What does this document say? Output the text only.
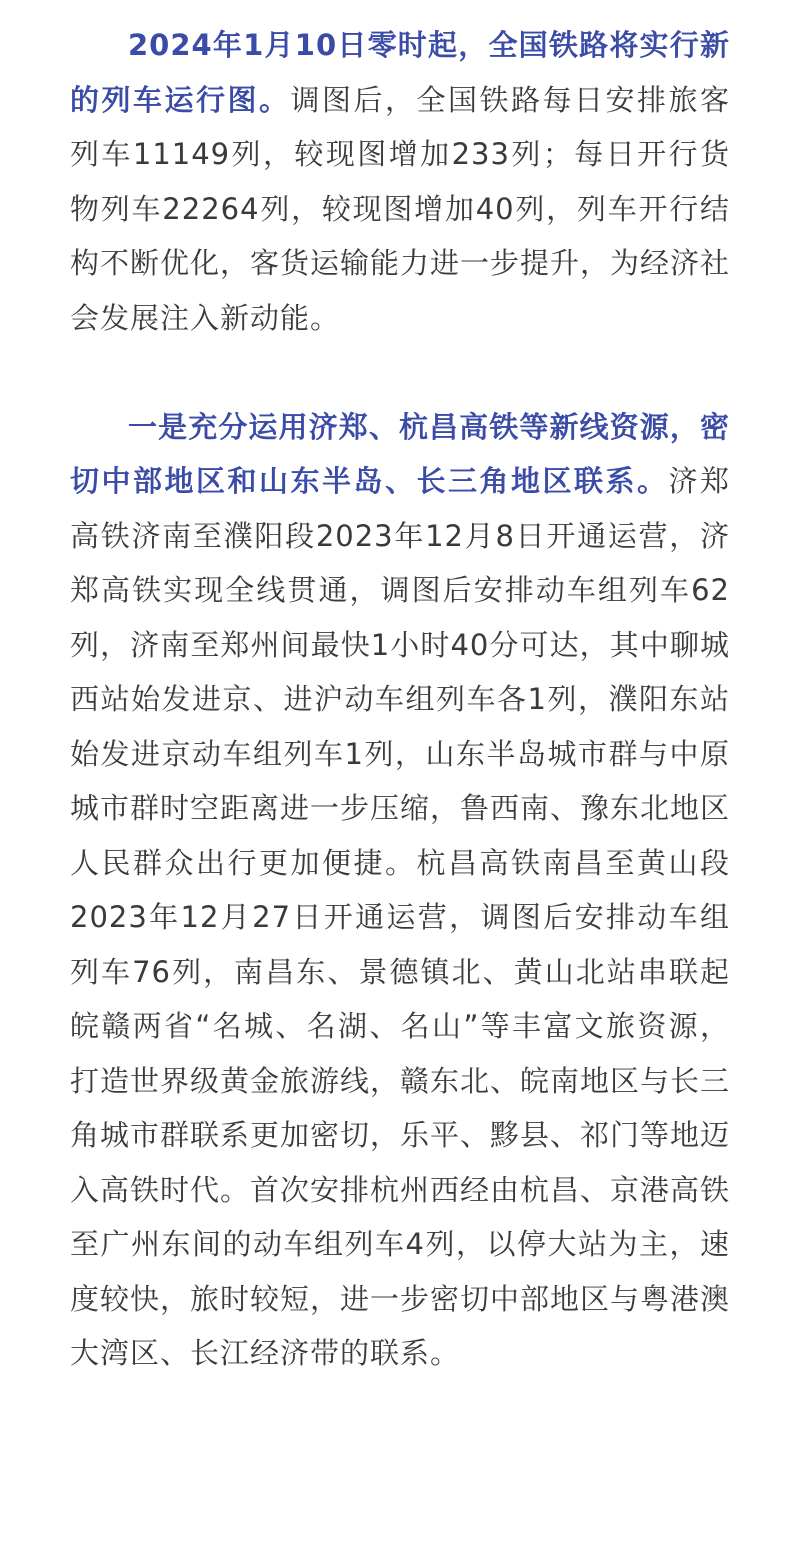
2024年1月10日零时起，全国铁路将实行新的列车运行图。调图后，全国铁路每日安排旅客列车11149列，较现图增加233列；每日开行货物列车22264列，较现图增加40列，列车开行结构不断优化，客货运输能力进一步提升，为经济社会发展注入新动能。

一是充分运用济郑、杭昌高铁等新线资源，密切中部地区和山东半岛、长三角地区联系。济郑高铁济南至濮阳段2023年12月8日开通运营，济郑高铁实现全线贯通，调图后安排动车组列车62列，济南至郑州间最快1小时40分可达，其中聊城西站始发进京、进沪动车组列车各1列，濮阳东站始发进京动车组列车1列，山东半岛城市群与中原城市群时空距离进一步压缩，鲁西南、豫东北地区人民群众出行更加便捷。杭昌高铁南昌至黄山段2023年12月27日开通运营，调图后安排动车组列车76列，南昌东、景德镇北、黄山北站串联起皖赣两省“名城、名湖、名山”等丰富文旅资源，打造世界级黄金旅游线，赣东北、皖南地区与长三角城市群联系更加密切，乐平、黟县、祁门等地迈入高铁时代。首次安排杭州西经由杭昌、京港高铁至广州东间的动车组列车4列，以停大站为主，速度较快，旅时较短，进一步密切中部地区与粤港澳大湾区、长江经济带的联系。
